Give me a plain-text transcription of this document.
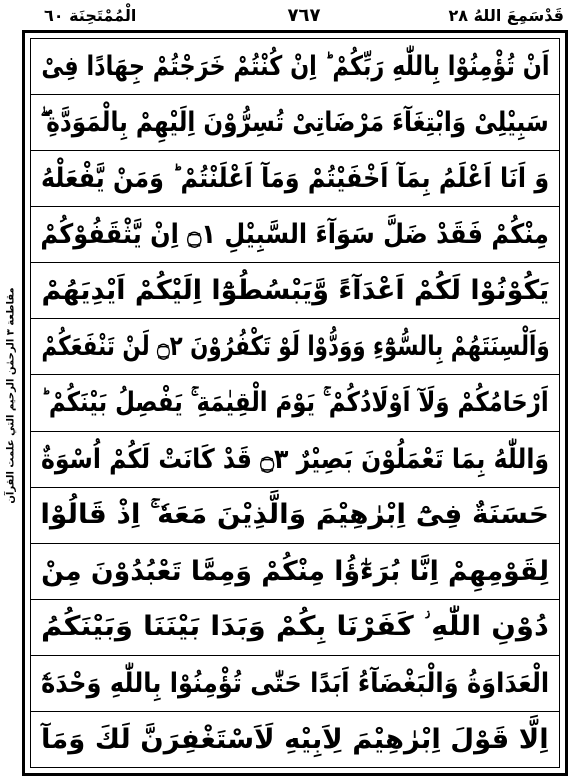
الْمُمْتَحِنَة ٦٠	٧٦٧	قَدْسَمِعَ اللهُ ٢٨
مقاطعة ٣ الرحمٰن الرحيم التي علمت القرآن
اَنْ تُؤْمِنُوْا بِاللّٰهِ رَبِّكُمْ ؕ اِنْ كُنْتُمْ خَرَجْتُمْ جِهَادًا فِیْ
سَبِيْلِیْ وَابْتِغَآءَ مَرْضَاتِیْ تُسِرُّوْنَ اِلَيْهِمْ بِالْمَوَدَّةِ ۖ
وَ اَنَا اَعْلَمُ بِمَآ اَخْفَيْتُمْ وَمَآ اَعْلَنْتُمْ ؕ وَمَنْ يَّفْعَلْهُ
مِنْكُمْ فَقَدْ ضَلَّ سَوَآءَ السَّبِيْلِ ۝١ اِنْ يَّثْقَفُوْكُمْ
يَكُوْنُوْا لَكُمْ اَعْدَآءً وَّيَبْسُطُوْٓا اِلَيْكُمْ اَيْدِيَهُمْ
وَاَلْسِنَتَهُمْ بِالسُّوْٓءِ وَوَدُّوْا لَوْ تَكْفُرُوْنَ ۝٢ لَنْ تَنْفَعَكُمْ
اَرْحَامُكُمْ وَلَآ اَوْلَادُكُمْ ۚ يَوْمَ الْقِيٰمَةِ ۚ يَفْصِلُ بَيْنَكُمْ ؕ
وَاللّٰهُ بِمَا تَعْمَلُوْنَ بَصِيْرٌ ۝٣ قَدْ كَانَتْ لَكُمْ اُسْوَةٌ
حَسَنَةٌ فِیْٓ اِبْرٰهِيْمَ وَالَّذِيْنَ مَعَهٗ ۚ اِذْ قَالُوْا
لِقَوْمِهِمْ اِنَّا بُرَءٰٓؤُا مِنْكُمْ وَمِمَّا تَعْبُدُوْنَ مِنْ
دُوْنِ اللّٰهِ ؗ كَفَرْنَا بِكُمْ وَبَدَا بَيْنَنَا وَبَيْنَكُمُ
الْعَدَاوَةُ وَالْبَغْضَآءُ اَبَدًا حَتّٰى تُؤْمِنُوْا بِاللّٰهِ وَحْدَهٗٓ
اِلَّا قَوْلَ اِبْرٰهِيْمَ لِاَبِيْهِ لَاَسْتَغْفِرَنَّ لَكَ وَمَآ
